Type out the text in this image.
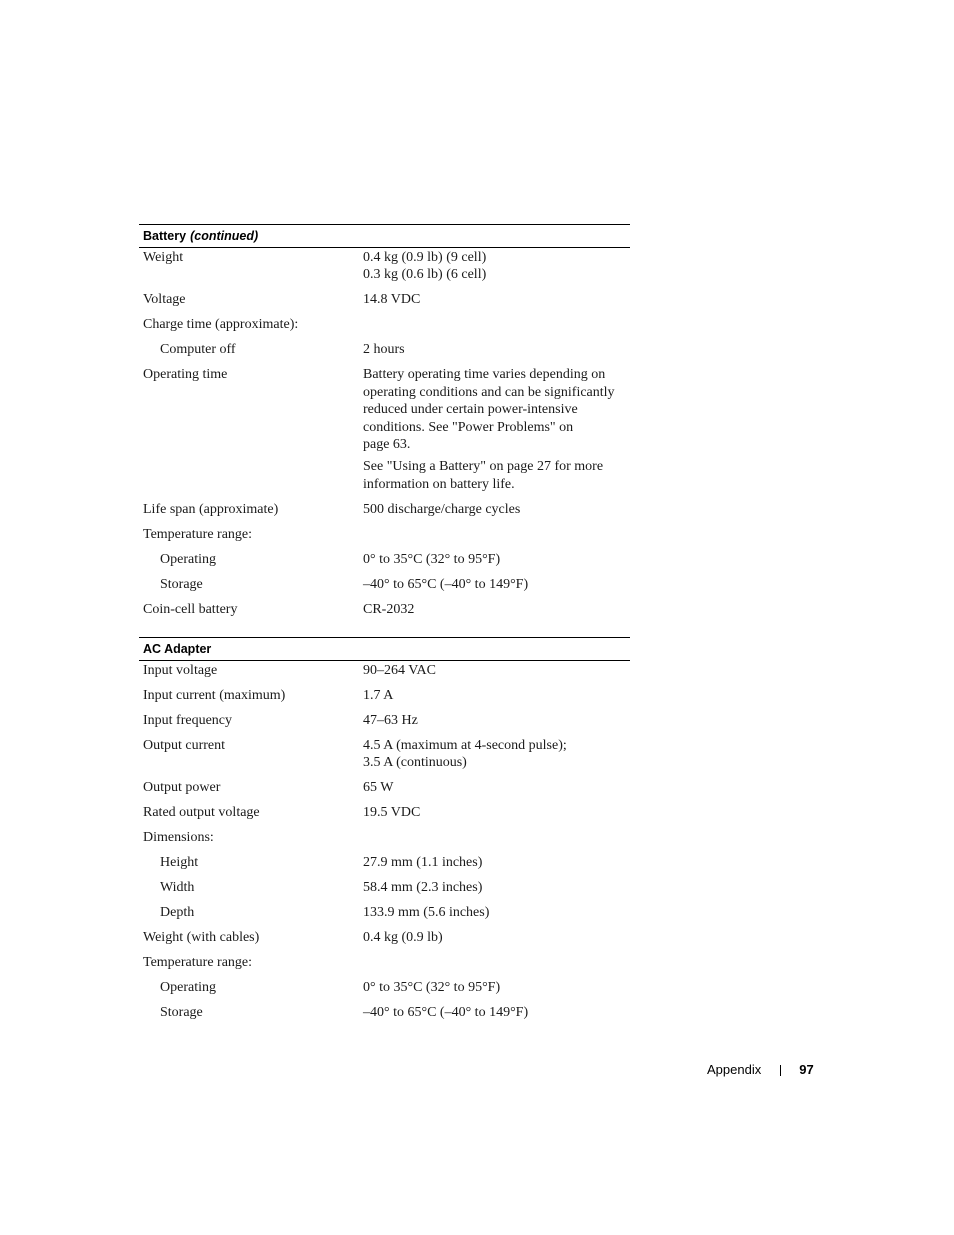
Battery (continued)
Weight	0.4 kg (0.9 lb) (9 cell)
0.3 kg (0.6 lb) (6 cell)
Voltage	14.8 VDC
Charge time (approximate):
Computer off	2 hours
Operating time	Battery operating time varies depending on
operating conditions and can be significantly
reduced under certain power-intensive
conditions. See "Power Problems" on
page 63.
See "Using a Battery" on page 27 for more
information on battery life.
Life span (approximate)	500 discharge/charge cycles
Temperature range:
Operating	0° to 35°C (32° to 95°F)
Storage	–40° to 65°C (–40° to 149°F)
Coin-cell battery	CR-2032
AC Adapter
Input voltage	90–264 VAC
Input current (maximum)	1.7 A
Input frequency	47–63 Hz
Output current	4.5 A (maximum at 4-second pulse);
3.5 A (continuous)
Output power	65 W
Rated output voltage	19.5 VDC
Dimensions:
Height	27.9 mm (1.1 inches)
Width	58.4 mm (2.3 inches)
Depth	133.9 mm (5.6 inches)
Weight (with cables)	0.4 kg (0.9 lb)
Temperature range:
Operating	0° to 35°C (32° to 95°F)
Storage	–40° to 65°C (–40° to 149°F)
Appendix	97
